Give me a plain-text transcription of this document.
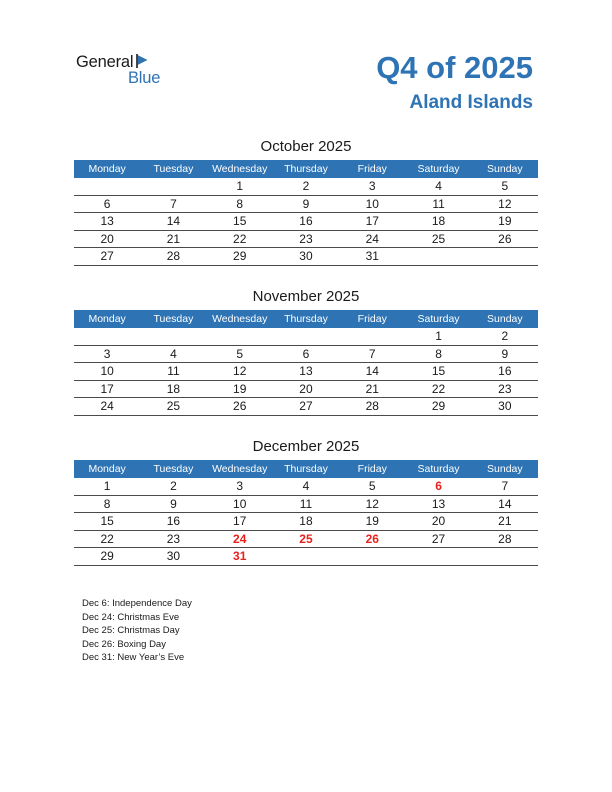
General
Blue	Q4 of 2025
Aland Islands
October 2025
Monday	Tuesday	Wednesday	Thursday	Friday	Saturday	Sunday
		1	2	3	4	5
6	7	8	9	10	11	12
13	14	15	16	17	18	19
20	21	22	23	24	25	26
27	28	29	30	31		
November 2025
Monday	Tuesday	Wednesday	Thursday	Friday	Saturday	Sunday
					1	2
3	4	5	6	7	8	9
10	11	12	13	14	15	16
17	18	19	20	21	22	23
24	25	26	27	28	29	30
December 2025
Monday	Tuesday	Wednesday	Thursday	Friday	Saturday	Sunday
1	2	3	4	5	6	7
8	9	10	11	12	13	14
15	16	17	18	19	20	21
22	23	24	25	26	27	28
29	30	31				
Dec 6: Independence Day
Dec 24: Christmas Eve
Dec 25: Christmas Day
Dec 26: Boxing Day
Dec 31: New Year’s Eve
